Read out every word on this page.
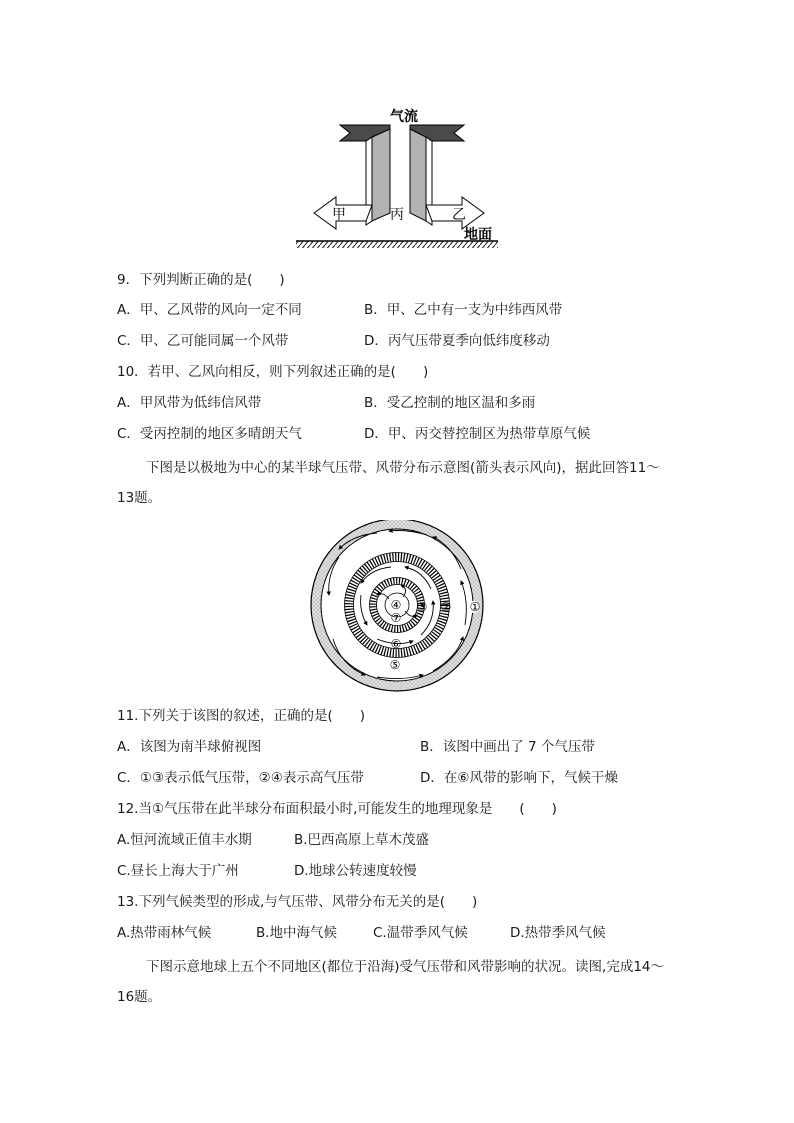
气流
甲	丙	乙
地面
9．下列判断正确的是(　　)
A．甲、乙风带的风向一定不同	B．甲、乙中有一支为中纬西风带
C．甲、乙可能同属一个风带	D．丙气压带夏季向低纬度移动
10．若甲、乙风向相反，则下列叙述正确的是(　　)
A．甲风带为低纬信风带	B．受乙控制的地区温和多雨
C．受丙控制的地区多晴朗天气	D．甲、丙交替控制区为热带草原气候
下图是以极地为中心的某半球气压带、风带分布示意图(箭头表示风向)，据此回答11～
13题。
①
②
③
④
⑤
⑥
⑦
11.下列关于该图的叙述，正确的是(　　)
A．该图为南半球俯视图	B．该图中画出了 7 个气压带
C．①③表示低气压带，②④表示高气压带	D．在⑥风带的影响下，气候干燥
12.当①气压带在此半球分布面积最小时,可能发生的地理现象是　　(　　)
A.恒河流域正值丰水期	B.巴西高原上草木茂盛
C.昼长上海大于广州	D.地球公转速度较慢
13.下列气候类型的形成,与气压带、风带分布无关的是(　　)
A.热带雨林气候	B.地中海气候	C.温带季风气候	D.热带季风气候
下图示意地球上五个不同地区(都位于沿海)受气压带和风带影响的状况。读图,完成14～
16题。
